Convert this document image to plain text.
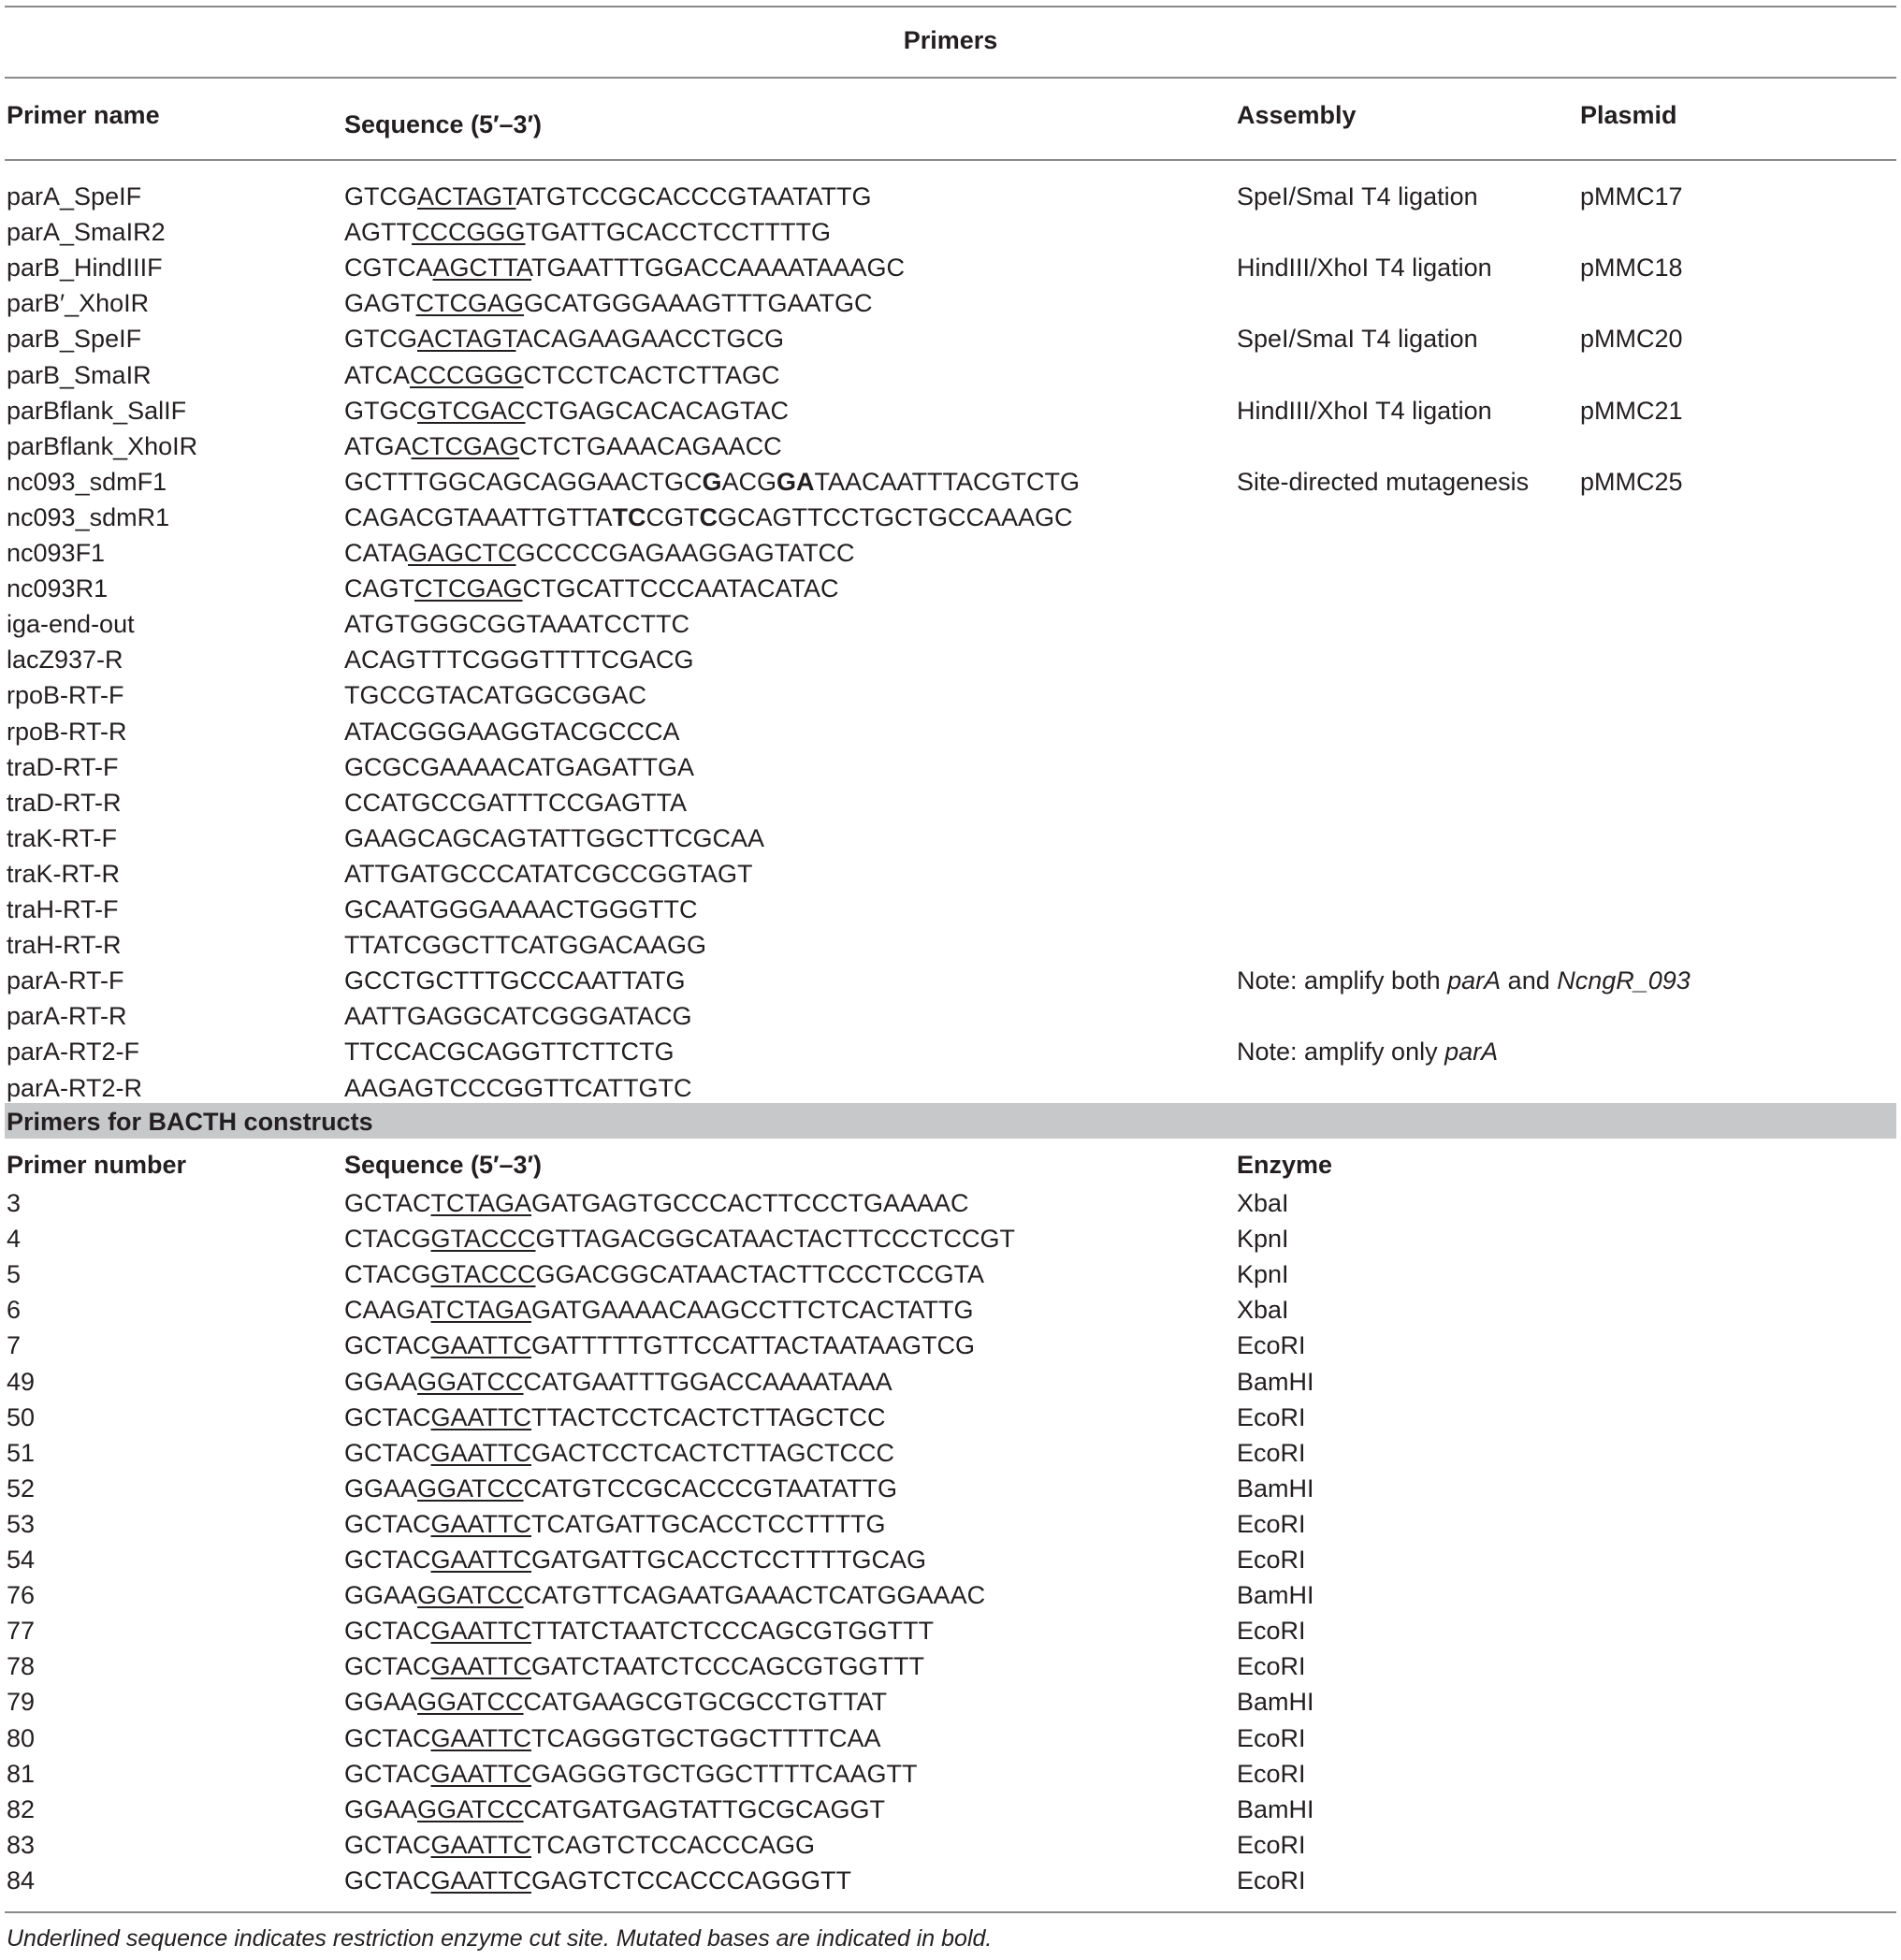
Primers
Primer name	Sequence (5′–3′)	Assembly	Plasmid
parA_SpeIF	GTCGACTAGTATGTCCGCACCCGTAATATTG	SpeI/SmaI T4 ligation	pMMC17
parA_SmaIR2	AGTTCCCGGGTGATTGCACCTCCTTTTG
parB_HindIIIF	CGTCAAGCTTATGAATTTGGACCAAAATAAAGC	HindIII/XhoI T4 ligation	pMMC18
parB′_XhoIR	GAGTCTCGAGGCATGGGAAAGTTTGAATGC
parB_SpeIF	GTCGACTAGTACAGAAGAACCTGCG	SpeI/SmaI T4 ligation	pMMC20
parB_SmaIR	ATCACCCGGGCTCCTCACTCTTAGC
parBflank_SalIF	GTGCGTCGACCTGAGCACACAGTAC	HindIII/XhoI T4 ligation	pMMC21
parBflank_XhoIR	ATGACTCGAGCTCTGAAACAGAACC
nc093_sdmF1	GCTTTGGCAGCAGGAACTGCGACGGATAACAATTTACGTCTG	Site-directed mutagenesis pMMC25
nc093_sdmR1	CAGACGTAAATTGTTATCCGTCGCAGTTCCTGCTGCCAAAGC
nc093F1	CATAGAGCTCGCCCCGAGAAGGAGTATCC
nc093R1	CAGTCTCGAGCTGCATTCCCAATACATAC
iga-end-out	ATGTGGGCGGTAAATCCTTC
lacZ937-R	ACAGTTTCGGGTTTTCGACG
rpoB-RT-F	TGCCGTACATGGCGGAC
rpoB-RT-R	ATACGGGAAGGTACGCCCA
traD-RT-F	GCGCGAAAACATGAGATTGA
traD-RT-R	CCATGCCGATTTCCGAGTTA
traK-RT-F	GAAGCAGCAGTATTGGCTTCGCAA
traK-RT-R	ATTGATGCCCATATCGCCGGTAGT
traH-RT-F	GCAATGGGAAAACTGGGTTC
traH-RT-R	TTATCGGCTTCATGGACAAGG
parA-RT-F	GCCTGCTTTGCCCAATTATG	Note: amplify both parA and NcngR_093
parA-RT-R	AATTGAGGCATCGGGATACG
parA-RT2-F	TTCCACGCAGGTTCTTCTG	Note: amplify only parA
parA-RT2-R	AAGAGTCCCGGTTCATTGTC
Primers for BACTH constructs
Primer number	Sequence (5′–3′)	Enzyme
3	GCTACTCTAGAGATGAGTGCCCACTTCCCTGAAAAC	XbaI
4	CTACGGTACCCGTTAGACGGCATAACTACTTCCCTCCGT	KpnI
5	CTACGGTACCCGGACGGCATAACTACTTCCCTCCGTA	KpnI
6	CAAGATCTAGAGATGAAAACAAGCCTTCTCACTATTG	XbaI
7	GCTACGAATTCGATTTTTGTTCCATTACTAATAAGTCG	EcoRI
49	GGAAGGATCCCATGAATTTGGACCAAAATAAA	BamHI
50	GCTACGAATTCTTACTCCTCACTCTTAGCTCC	EcoRI
51	GCTACGAATTCGACTCCTCACTCTTAGCTCCC	EcoRI
52	GGAAGGATCCCATGTCCGCACCCGTAATATTG	BamHI
53	GCTACGAATTCTCATGATTGCACCTCCTTTTG	EcoRI
54	GCTACGAATTCGATGATTGCACCTCCTTTTGCAG	EcoRI
76	GGAAGGATCCCATGTTCAGAATGAAACTCATGGAAAC	BamHI
77	GCTACGAATTCTTATCTAATCTCCCAGCGTGGTTT	EcoRI
78	GCTACGAATTCGATCTAATCTCCCAGCGTGGTTT	EcoRI
79	GGAAGGATCCCATGAAGCGTGCGCCTGTTAT	BamHI
80	GCTACGAATTCTCAGGGTGCTGGCTTTTCAA	EcoRI
81	GCTACGAATTCGAGGGTGCTGGCTTTTCAAGTT	EcoRI
82	GGAAGGATCCCATGATGAGTATTGCGCAGGT	BamHI
83	GCTACGAATTCTCAGTCTCCACCCAGG	EcoRI
84	GCTACGAATTCGAGTCTCCACCCAGGGTT	EcoRI
Underlined sequence indicates restriction enzyme cut site. Mutated bases are indicated in bold.
